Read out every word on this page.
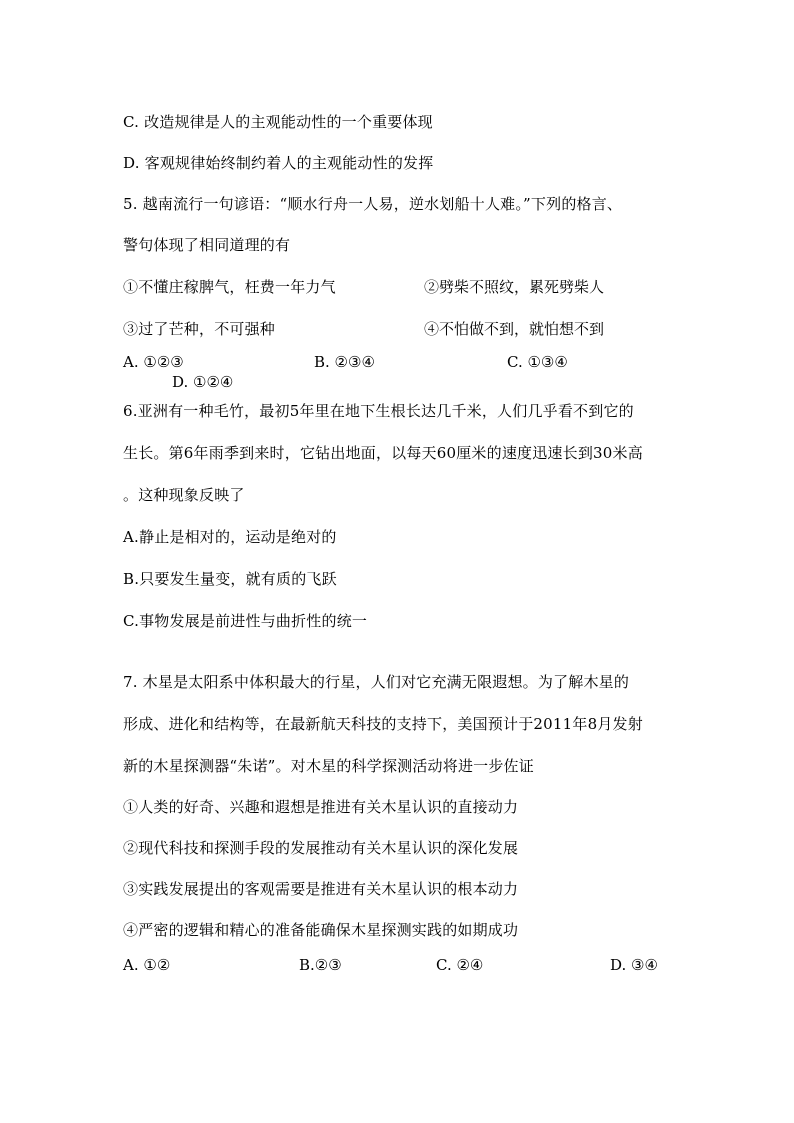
C. 改造规律是人的主观能动性的一个重要体现
D. 客观规律始终制约着人的主观能动性的发挥
5. 越南流行一句谚语：“顺水行舟一人易，逆水划船十人难。”下列的格言、
警句体现了相同道理的有
①不懂庄稼脾气，枉费一年力气	②劈柴不照纹，累死劈柴人
③过了芒种，不可强种	④不怕做不到，就怕想不到
A. ①②③	B. ②③④	C. ①③④
D. ①②④
6.亚洲有一种毛竹，最初5年里在地下生根长达几千米，人们几乎看不到它的
生长。第6年雨季到来时，它钻出地面，以每天60厘米的速度迅速长到30米高
。这种现象反映了
A.静止是相对的，运动是绝对的
B.只要发生量变，就有质的飞跃
C.事物发展是前进性与曲折性的统一
7. 木星是太阳系中体积最大的行星，人们对它充满无限遐想。为了解木星的
形成、进化和结构等，在最新航天科技的支持下，美国预计于2011年8月发射
新的木星探测器“朱诺”。对木星的科学探测活动将进一步佐证
①人类的好奇、兴趣和遐想是推进有关木星认识的直接动力
②现代科技和探测手段的发展推动有关木星认识的深化发展
③实践发展提出的客观需要是推进有关木星认识的根本动力
④严密的逻辑和精心的准备能确保木星探测实践的如期成功
A. ①②	B.②③	C. ②④	D. ③④
